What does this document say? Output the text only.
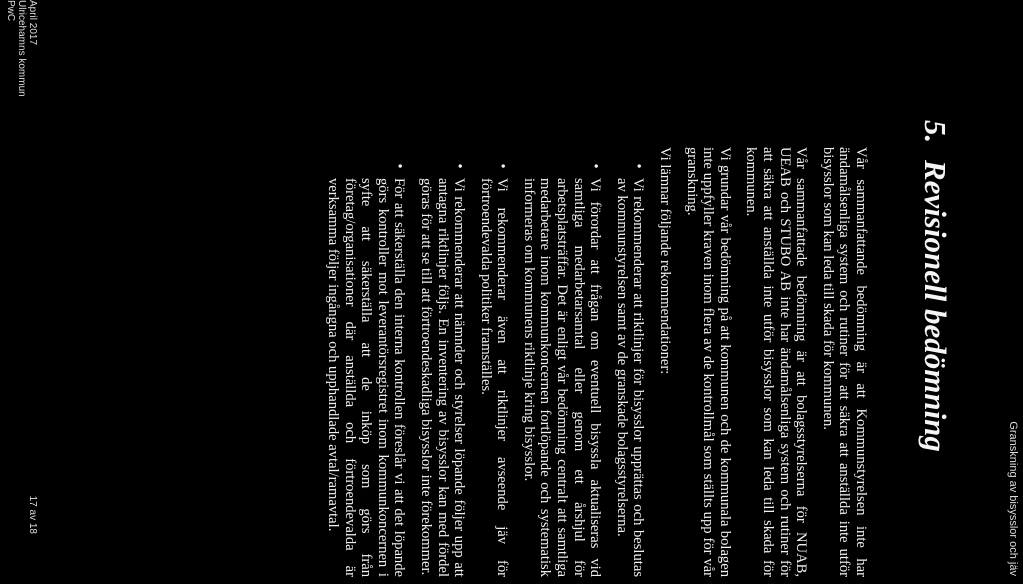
Granskning av bisysslor och jäv
5.Revisionell bedömning

Vår sammanfattande bedömning är att Kommunstyrelsen inte har ändamålsenliga system och rutiner för att säkra att anställda inte utför bisysslor som kan leda till skada för kommunen.

Vår sammanfattade bedömning är att bolagsstyrelserna för NUAB, UEAB och STUBO AB inte har ändamålsenliga system och rutiner för att säkra att anställda inte utför bisysslor som kan leda till skada för kommunen.

Vi grundar vår bedömning på att kommunen och de kommunala bolagen inte uppfyller kraven inom flera av de kontrollmål som ställts upp för vår granskning.

Vi lämnar följande rekommendationer:

•
Vi rekommenderar att riktlinjer för bisysslor upprättas och beslutas av kommunstyrelsen samt av de granskade bolagsstyrelserna.
•
Vi förordar att frågan om eventuell bisyssla aktualiseras vid samtliga medarbetarsamtal eller genom ett årshjul för arbetsplatsträffar. Det är enligt vår bedömning centralt att samtliga medarbetare inom kommunkoncernen fortlöpande och systematisk informeras om kommunens riktlinje kring bisysslor.
•
Vi rekommenderar även att riktlinjer avseende jäv för förtroendevalda politiker framställes.
•
Vi rekommenderar att nämnder och styrelser löpande följer upp att antagna riktlinjer följs. En inventering av bisysslor kan med fördel göras för att se till att förtroendeskadliga bisysslor inte förekommer.
•
För att säkerställa den interna kontrollen föreslår vi att det löpande görs kontroller mot leverantörsregistret inom kommunkoncernen i syfte att säkerställa att de inköp som görs från företag/organisationer där anställda och förtroendevalda är verksamma följer ingångna och upphandlade avtal/ramavtal.
April 2017
Ulricehamns kommun
PwC
17 av 18
